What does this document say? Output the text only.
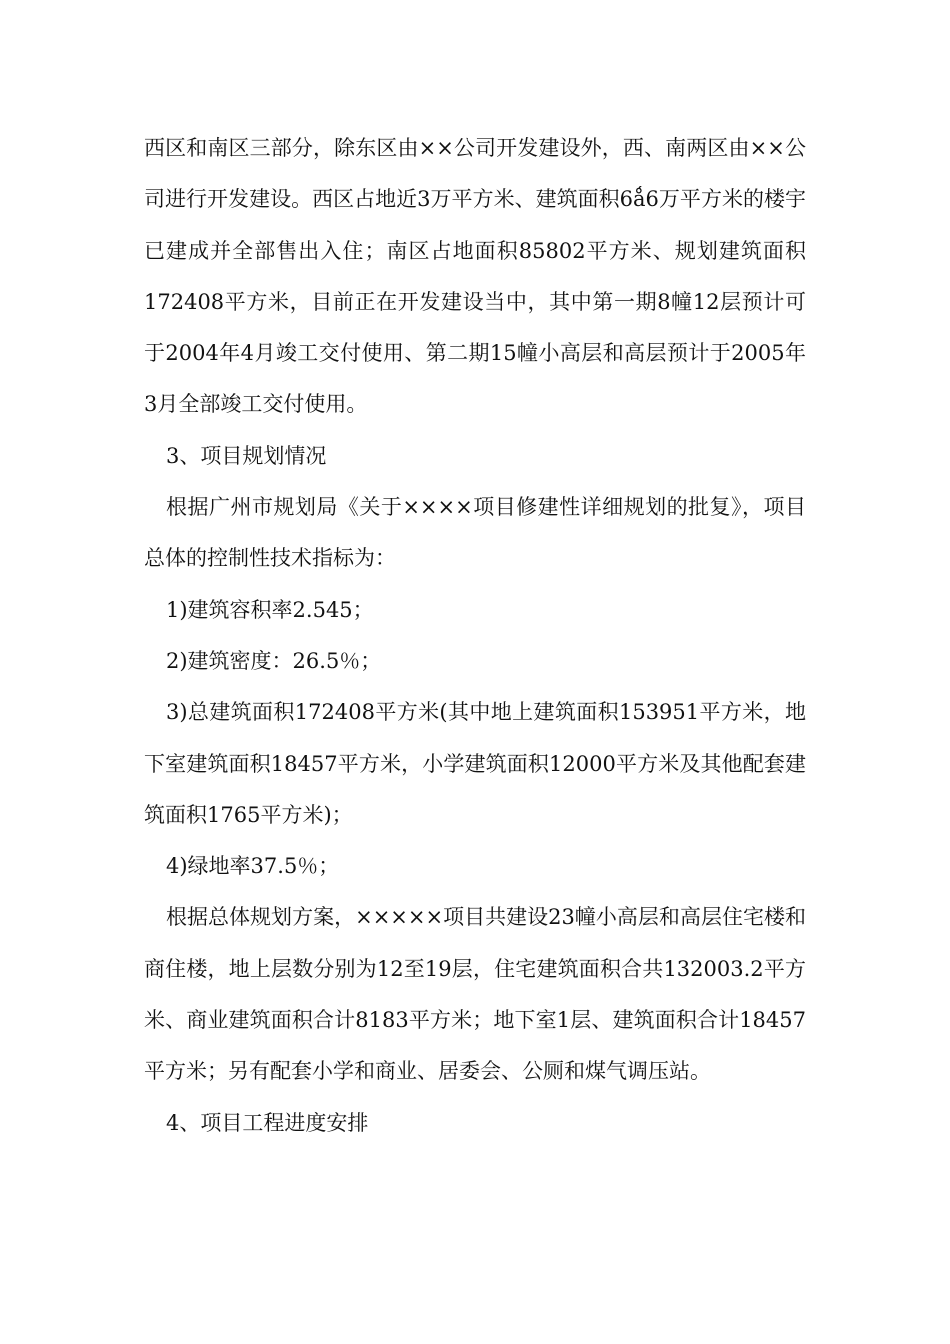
西区和南区三部分，除东区由××公司开发建设外，西、南两区由××公司进行开发建设。西区占地近3万平方米、建筑面积6ǻ6万平方米的楼宇已建成并全部售出入住；南区占地面积85802平方米、规划建筑面积172408平方米，目前正在开发建设当中，其中第一期8幢12层预计可于2004年4月竣工交付使用、第二期15幢小高层和高层预计于2005年3月全部竣工交付使用。

3、项目规划情况

根据广州市规划局《关于××××项目修建性详细规划的批复》，项目总体的控制性技术指标为：

1)建筑容积率2.545；

2)建筑密度：26.5％；

3)总建筑面积172408平方米(其中地上建筑面积153951平方米，地下室建筑面积18457平方米，小学建筑面积12000平方米及其他配套建筑面积1765平方米)；

4)绿地率37.5％；

根据总体规划方案，×××××项目共建设23幢小高层和高层住宅楼和商住楼，地上层数分别为12至19层，住宅建筑面积合共132003.2平方米、商业建筑面积合计8183平方米；地下室1层、建筑面积合计18457平方米；另有配套小学和商业、居委会、公厕和煤气调压站。

4、项目工程进度安排
